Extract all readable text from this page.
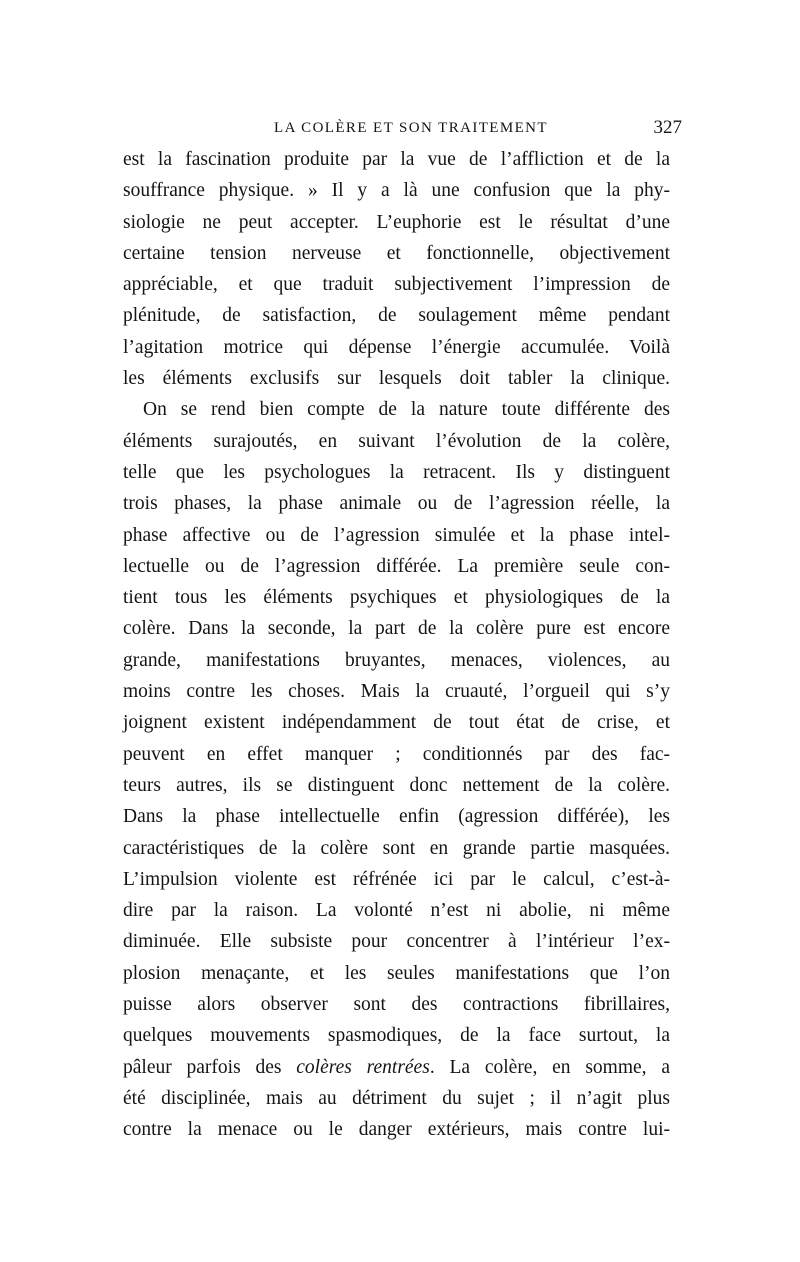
LA COLÈRE ET SON TRAITEMENT	327
est la fascination produite par la vue de l’affliction et de la
souffrance physique. » Il y a là une confusion que la phy-
siologie ne peut accepter. L’euphorie est le résultat d’une
certaine tension nerveuse et fonctionnelle, objectivement
appréciable, et que traduit subjectivement l’impression de
plénitude, de satisfaction, de soulagement même pendant
l’agitation motrice qui dépense l’énergie accumulée. Voilà
les éléments exclusifs sur lesquels doit tabler la clinique.
On se rend bien compte de la nature toute différente des
éléments surajoutés, en suivant l’évolution de la colère,
telle que les psychologues la retracent. Ils y distinguent
trois phases, la phase animale ou de l’agression réelle, la
phase affective ou de l’agression simulée et la phase intel-
lectuelle ou de l’agression différée. La première seule con-
tient tous les éléments psychiques et physiologiques de la
colère. Dans la seconde, la part de la colère pure est encore
grande, manifestations bruyantes, menaces, violences, au
moins contre les choses. Mais la cruauté, l’orgueil qui s’y
joignent existent indépendamment de tout état de crise, et
peuvent en effet manquer ; conditionnés par des fac-
teurs autres, ils se distinguent donc nettement de la colère.
Dans la phase intellectuelle enfin (agression différée), les
caractéristiques de la colère sont en grande partie masquées.
L’impulsion violente est réfrénée ici par le calcul, c’est-à-
dire par la raison. La volonté n’est ni abolie, ni même
diminuée. Elle subsiste pour concentrer à l’intérieur l’ex-
plosion menaçante, et les seules manifestations que l’on
puisse alors observer sont des contractions fibrillaires,
quelques mouvements spasmodiques, de la face surtout, la
pâleur parfois des colères rentrées. La colère, en somme, a
été disciplinée, mais au détriment du sujet ; il n’agit plus
contre la menace ou le danger extérieurs, mais contre lui-
